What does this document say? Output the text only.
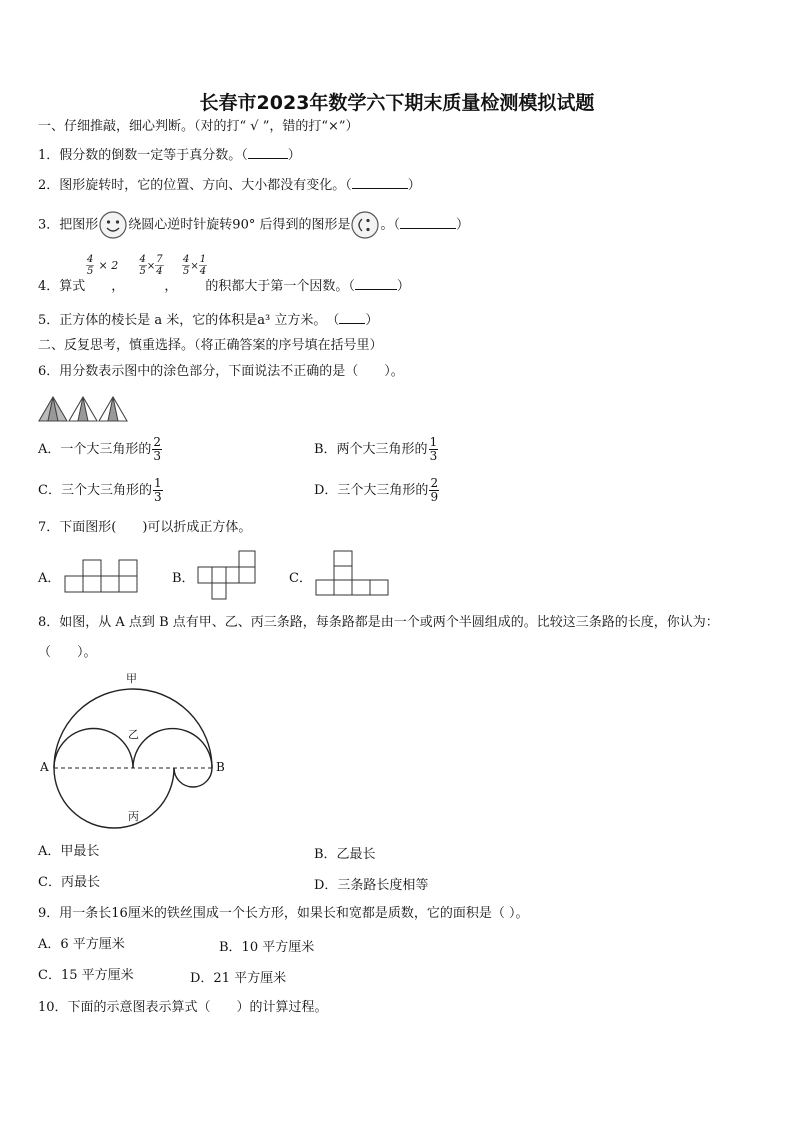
长春市2023年数学六下期末质量检测模拟试题
一、仔细推敲，细心判断。（对的打“ √ ”，错的打“×”）
1．假分数的倒数一定等于真分数。（	）
2．图形旋转时，它的位置、方向、大小都没有变化。（	）
3．把图形 绕圆心逆时针旋转90° 后得到的图形是 。（	）
$\frac{4}{5} \times 2 \frac{4}{5} \times \frac{7}{4}$
$\frac{4}{5} \times \frac{1}{4}$
4．算式 ，	， 的积都大于第一个因数。（	）
5．正方体的棱长是 a 米，它的体积是a³ 立方米。　（ ）
二、反复思考，慎重选择。（将正确答案的序号填在括号里）
6．用分数表示图中的涂色部分，下面说法不正确的是（　　）。
A．一个大三角形的 $\frac{2}{3}$	B．两个大三角形的 $\frac{1}{3}$
C．三个大三角形的 $\frac{1}{3}$	D．三个大三角形的 $\frac{2}{9}$
7．下面图形(　　)可以折成正方体。
A．	B．	C．
8．如图，从 A 点到 B 点有甲、乙、丙三条路，每条路都是由一个或两个半圆组成的。比较这三条路的长度，你认为：
（　　）。
甲
乙
丙
A	B
A．甲最长	B．乙最长
C．丙最长	D．三条路长度相等
9．用一条长16厘米的铁丝围成一个长方形，如果长和宽都是质数，它的面积是（ ）。
A．6 平方厘米	B．10 平方厘米
C．15 平方厘米	D．21 平方厘米
10．下面的示意图表示算式（　　）的计算过程。
